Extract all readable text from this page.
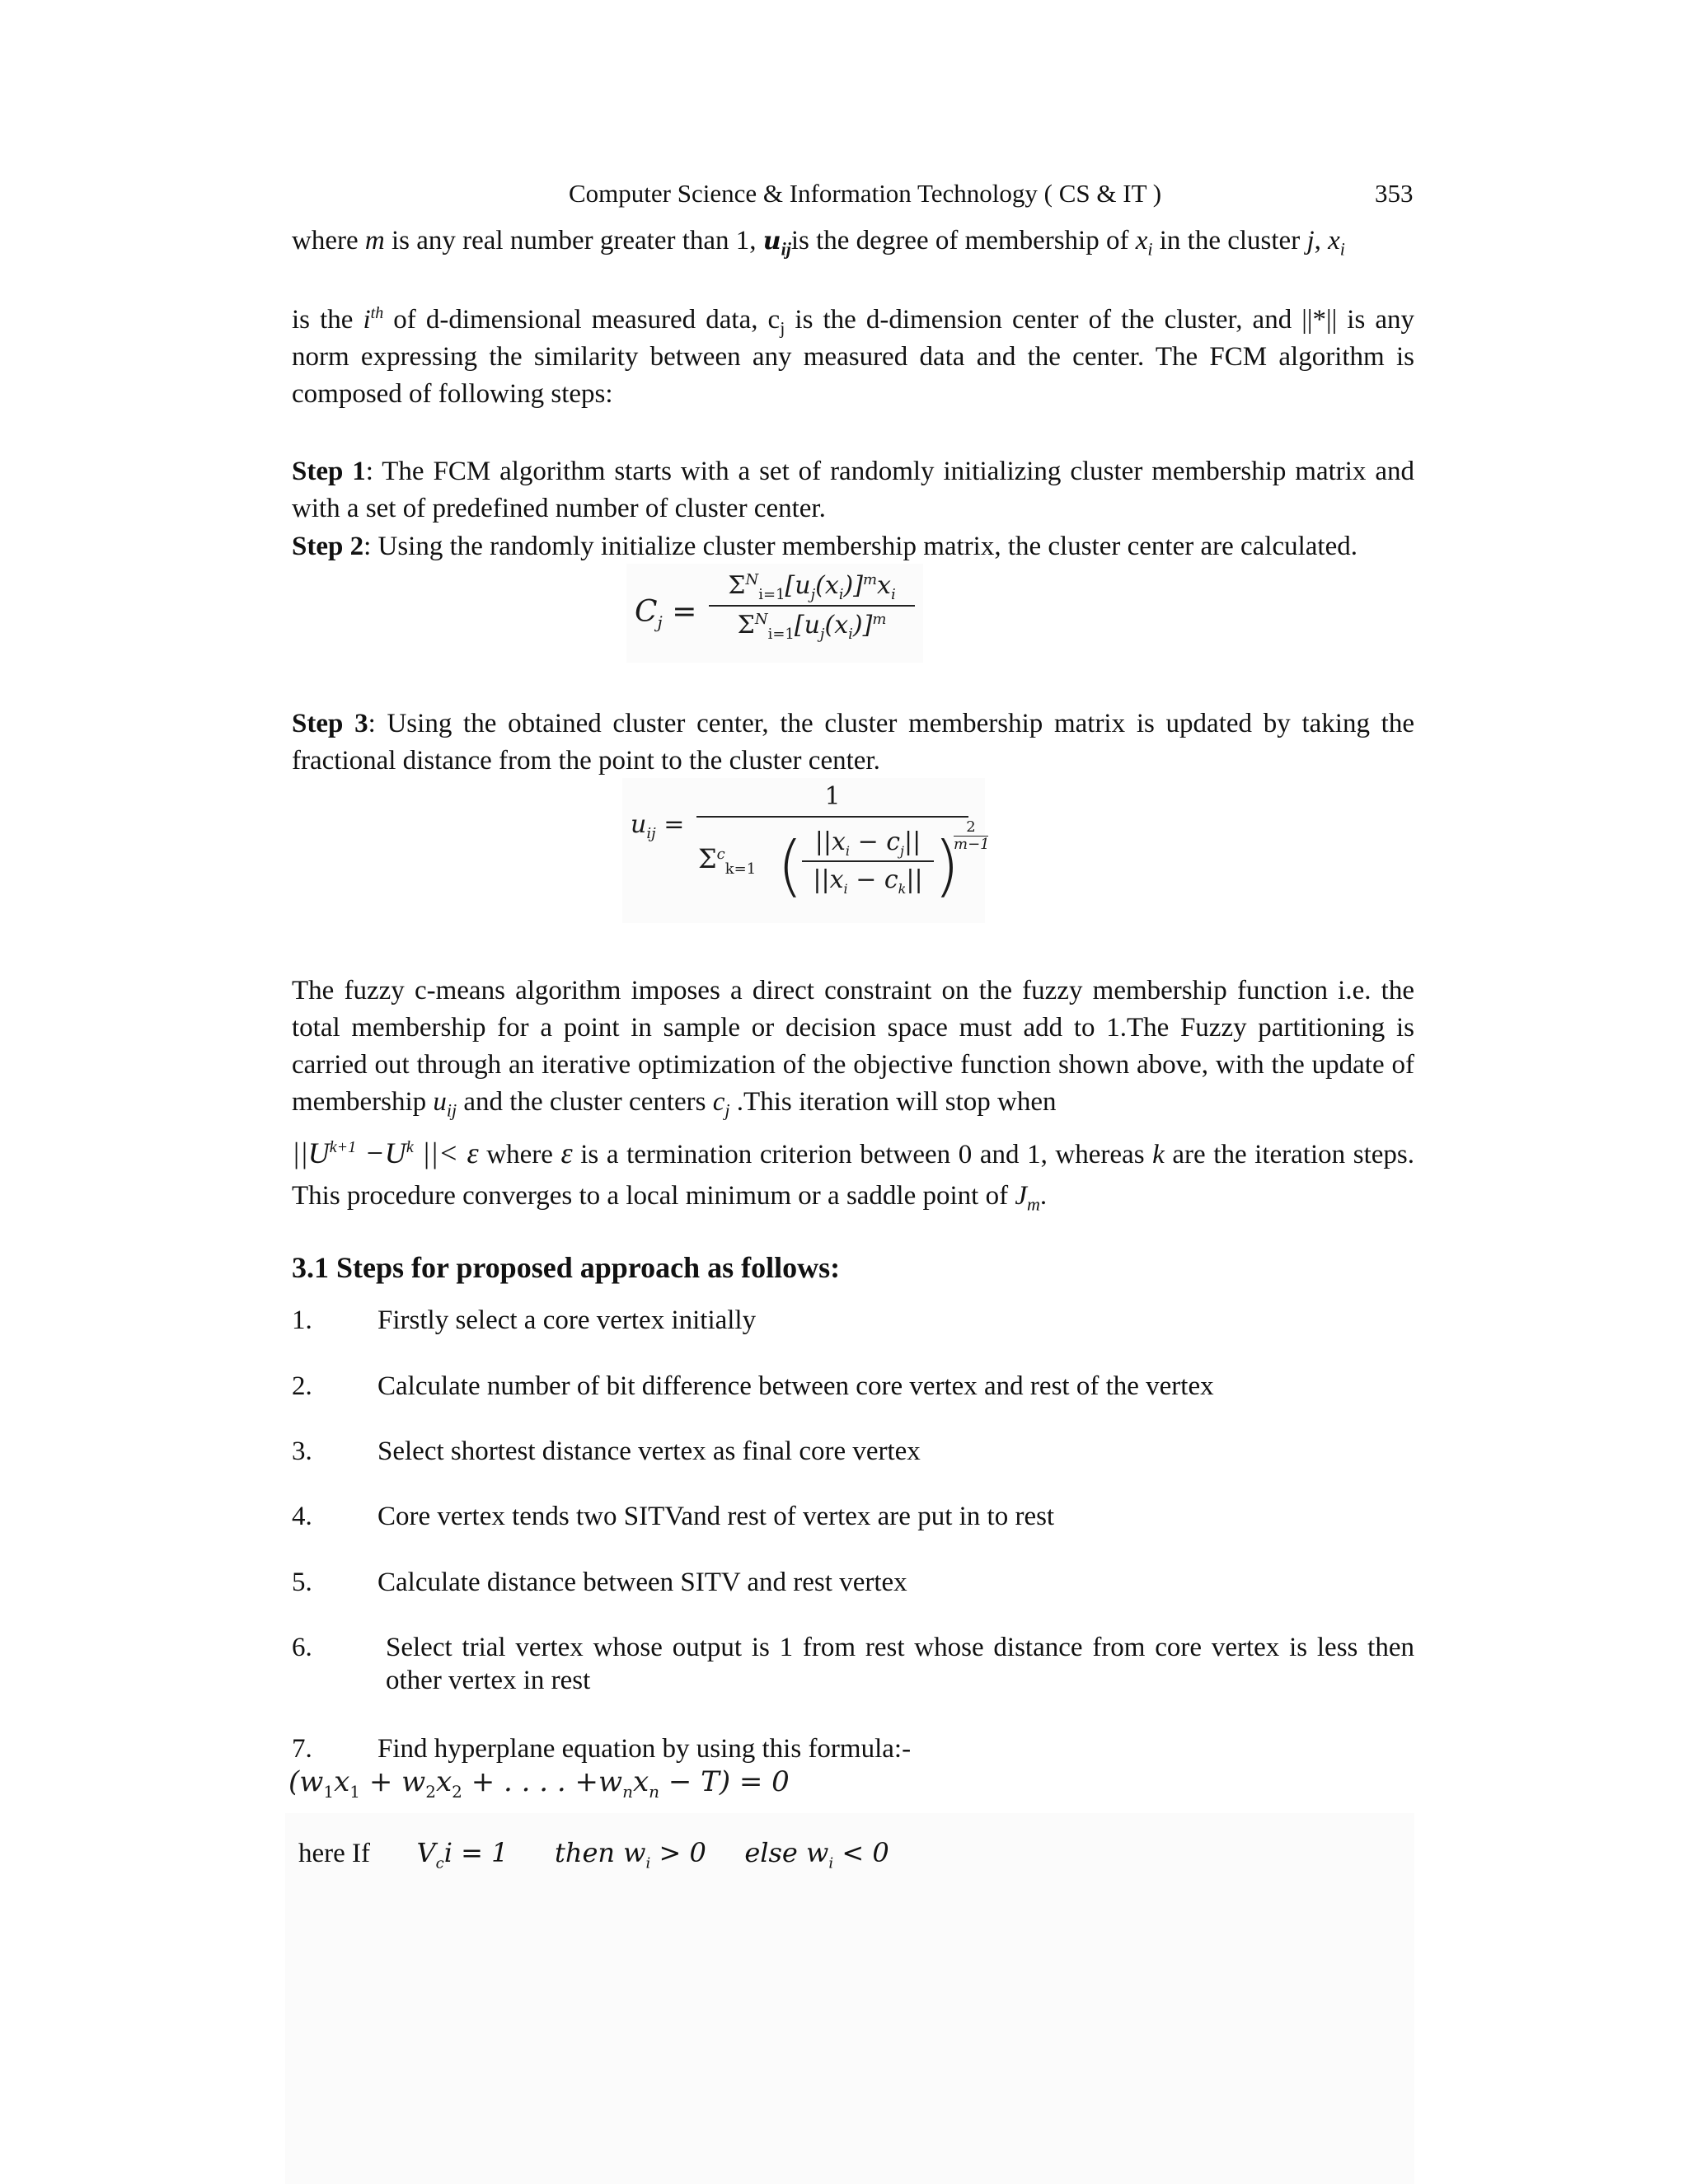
Computer Science & Information Technology ( CS & IT )	353
where m is any real number greater than 1, $u_{ij}is$ the degree of membership of $x_i$ in the cluster j, $x_i$
is the $i^{th}$ of d-dimensional measured data, $c_j$ is the d-dimension center of the cluster, and ||*|| is any norm expressing the similarity between any measured data and the center. The FCM algorithm is composed of following steps:
Step 1: The FCM algorithm starts with a set of randomly initializing cluster membership matrix and with a set of predefined number of cluster center.
Step 2: Using the randomly initialize cluster membership matrix, the cluster center are calculated.
$C_j$ =
$\Sigma^N_{i=1}[u_j(x_i)]^mx_i$
$\Sigma^N_{i=1}[u_j(x_i)]^m$
Step 3: Using the obtained cluster center, the cluster membership matrix is updated by taking the fractional distance from the point to the cluster center.
$u_{ij}$ =
1
$\Sigma^c_{k=1}$ (
$\frac{||x_i - c_j||}{||x_i - c_k||}$ )
$\frac{2}{m-1}$
The fuzzy c-means algorithm imposes a direct constraint on the fuzzy membership function i.e. the total membership for a point in sample or decision space must add to 1.The Fuzzy partitioning is carried out through an iterative optimization of the objective function shown above, with the update of membership $u_{ij}$ and the cluster centers $c_j$ .This iteration will stop when
$||U^{k+1} -U^k$ ||< ε where ε is a termination criterion between 0 and 1, whereas k are the iteration steps. This procedure converges to a local minimum or a saddle point of $J_m$.
3.1 Steps for proposed approach as follows:
1. Firstly select a core vertex initially
2. Calculate number of bit difference between core vertex and rest of the vertex
3. Select shortest distance vertex as final core vertex
4. Core vertex tends two SITVand rest of vertex are put in to rest
5. Calculate distance between SITV and rest vertex
6.	Select trial vertex whose output is 1 from rest whose distance from core vertex is less then other vertex in rest
7. Find hyperplane equation by using this formula:-
($w_1x_1 + w_2x_2$ + . . . . $+w_nx_n - T) = 0$
here If $V_ci = 1$ then $w_i > 0$ else $w_i < 0$
